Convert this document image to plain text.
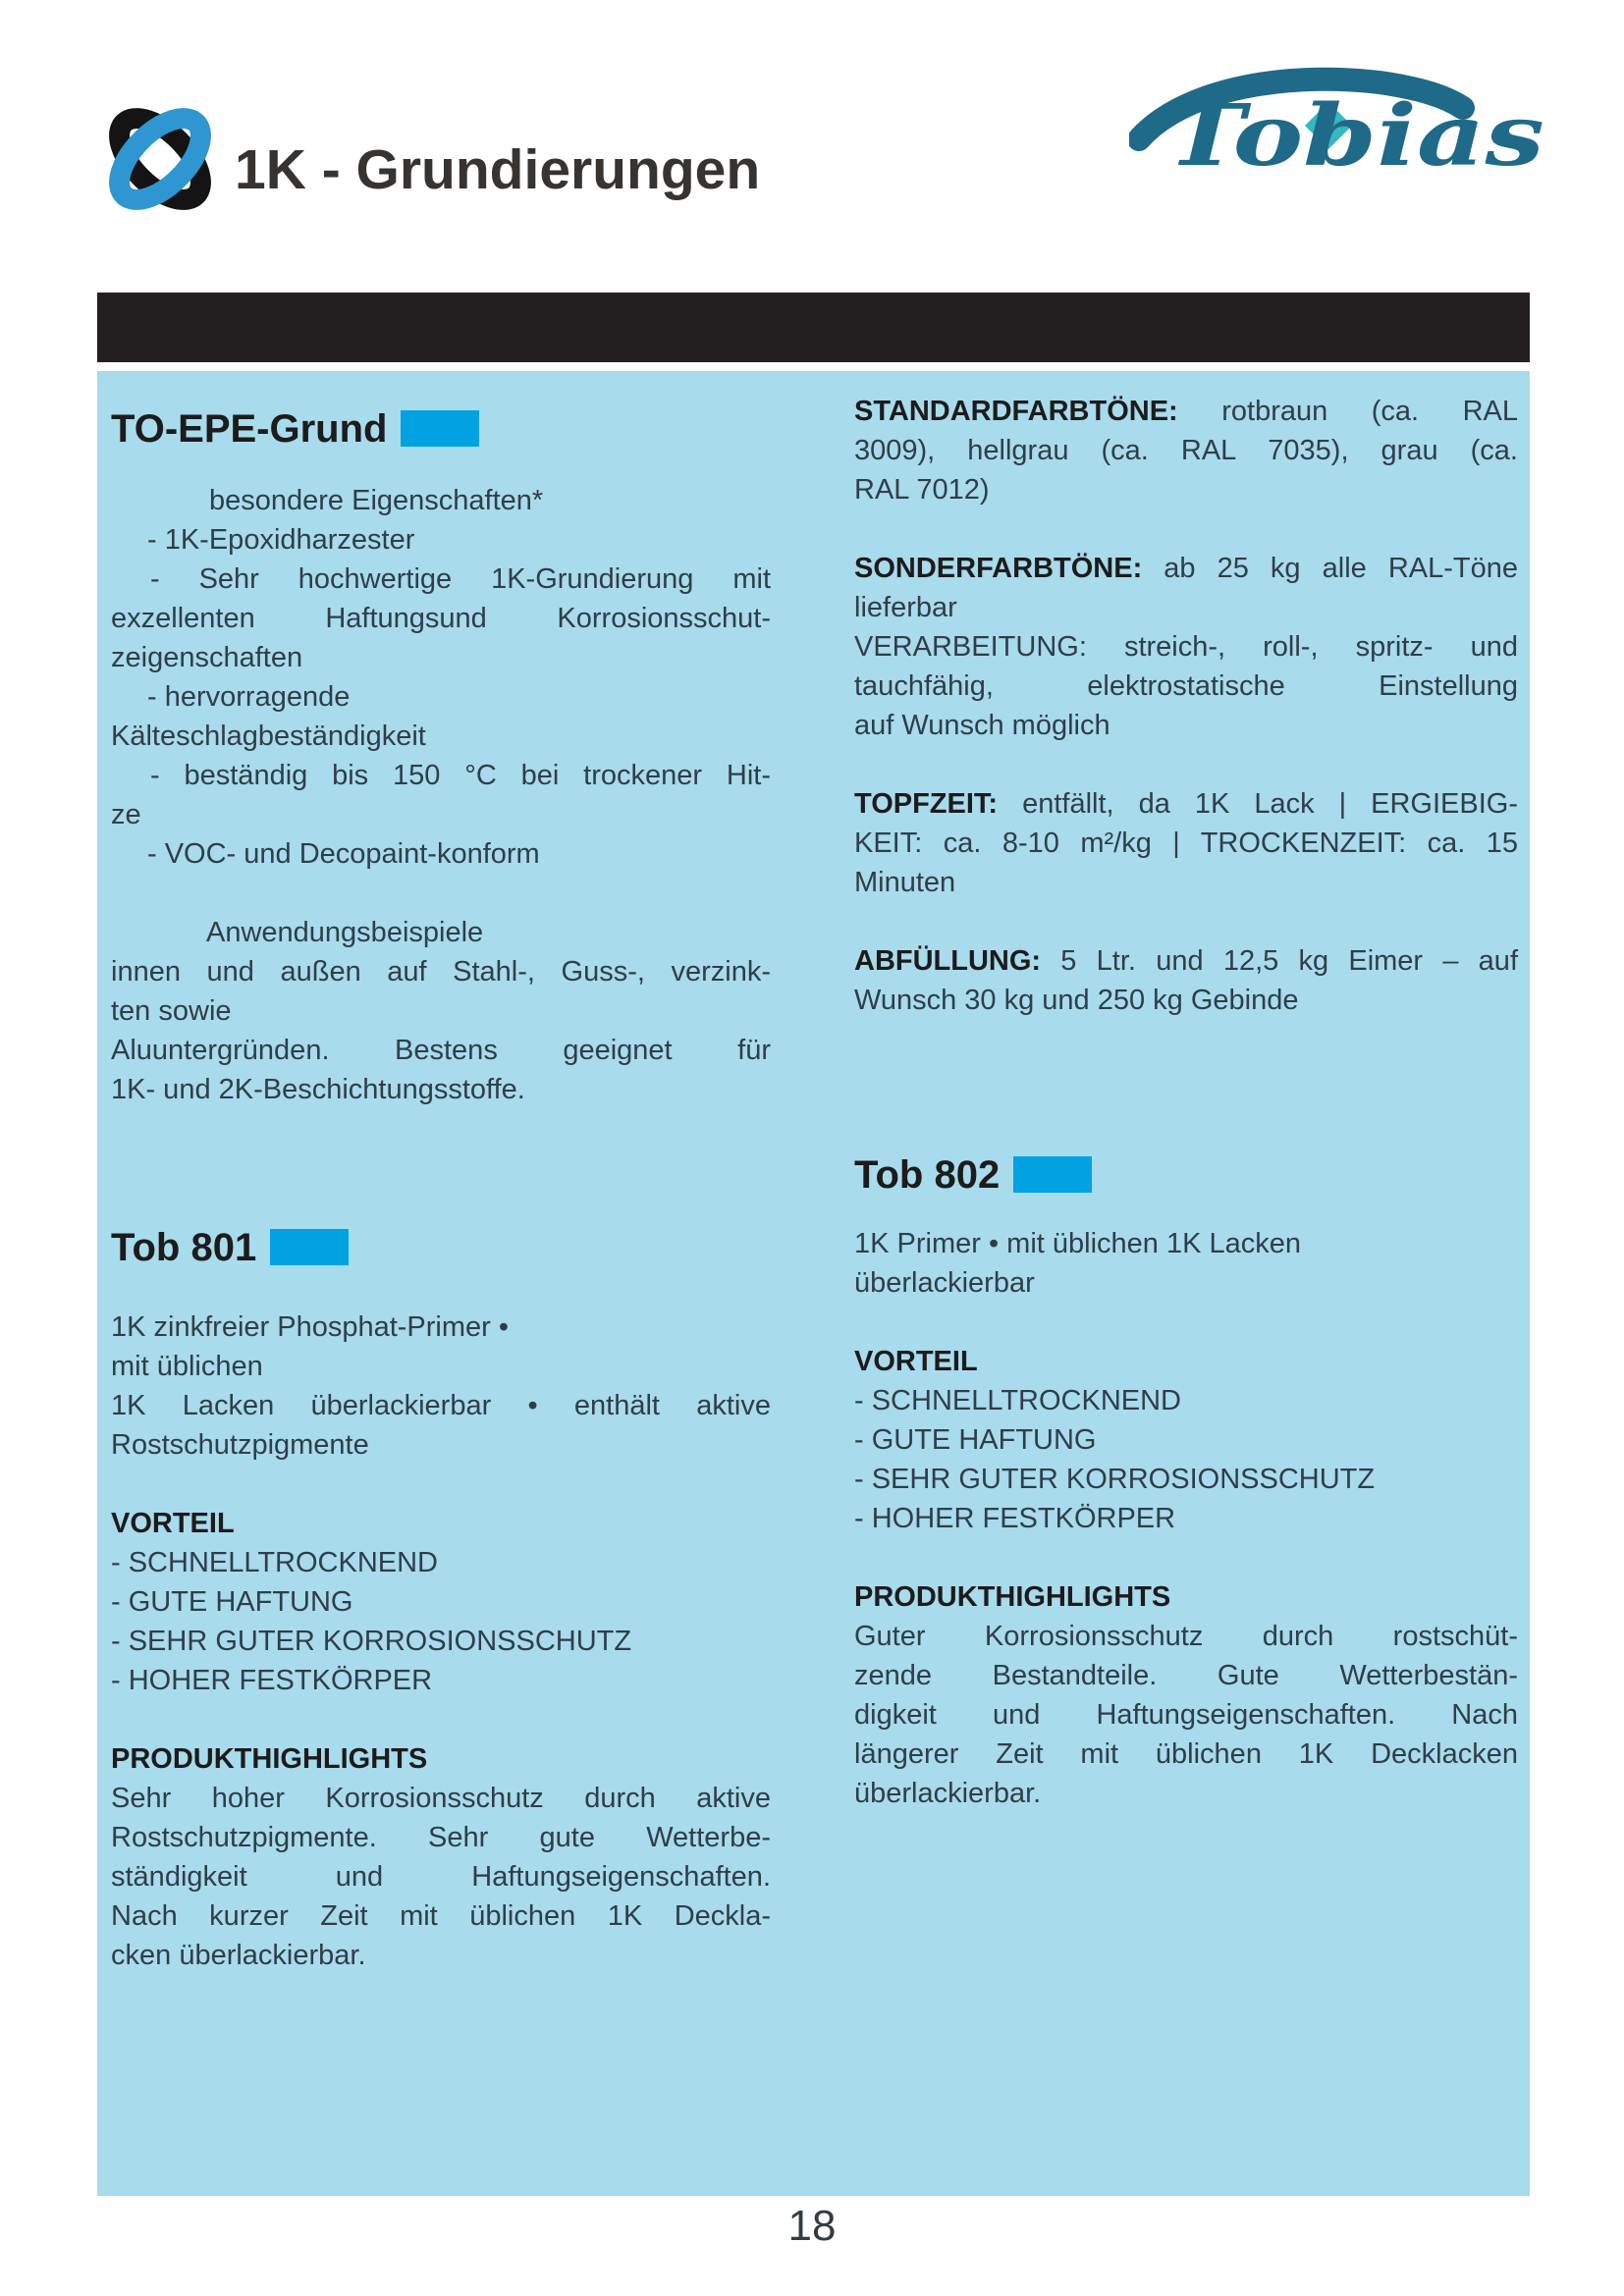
1K - Grundierungen	Tobias
TO-EPE-Grund
besondere Eigenschaften*
- 1K-Epoxidharzester
- Sehr hochwertige 1K-Grundierung mit
exzellenten Haftungsund Korrosionsschut-
zeigenschaften
- hervorragende
Kälteschlagbeständigkeit
- beständig bis 150 °C bei trockener Hit-
ze
- VOC- und Decopaint-konform
Anwendungsbeispiele
innen und außen auf Stahl-, Guss-, verzink-
ten sowie
Aluuntergründen. Bestens geeignet für
1K- und 2K-Beschichtungsstoffe.
Tob 801
1K zinkfreier Phosphat-Primer •
mit üblichen
1K Lacken überlackierbar • enthält aktive
Rostschutzpigmente
VORTEIL
- SCHNELLTROCKNEND
- GUTE HAFTUNG
- SEHR GUTER KORROSIONSSCHUTZ
- HOHER FESTKÖRPER
PRODUKTHIGHLIGHTS
Sehr hoher Korrosionsschutz durch aktive
Rostschutzpigmente. Sehr gute Wetterbe-
ständigkeit und Haftungseigenschaften.
Nach kurzer Zeit mit üblichen 1K Deckla-
cken überlackierbar.
STANDARDFARBTÖNE: rotbraun (ca. RAL
3009), hellgrau (ca. RAL 7035), grau (ca.
RAL 7012)
SONDERFARBTÖNE: ab 25 kg alle RAL-Töne
lieferbar
VERARBEITUNG: streich-, roll-, spritz- und
tauchfähig, elektrostatische Einstellung
auf Wunsch möglich
TOPFZEIT: entfällt, da 1K Lack | ERGIEBIG-
KEIT: ca. 8-10 m²/kg | TROCKENZEIT: ca. 15
Minuten
ABFÜLLUNG: 5 Ltr. und 12,5 kg Eimer – auf
Wunsch 30 kg und 250 kg Gebinde
Tob 802
1K Primer • mit üblichen 1K Lacken
überlackierbar
VORTEIL
- SCHNELLTROCKNEND
- GUTE HAFTUNG
- SEHR GUTER KORROSIONSSCHUTZ
- HOHER FESTKÖRPER
PRODUKTHIGHLIGHTS
Guter Korrosionsschutz durch rostschüt-
zende Bestandteile. Gute Wetterbestän-
digkeit und Haftungseigenschaften. Nach
längerer Zeit mit üblichen 1K Decklacken
überlackierbar.
18
